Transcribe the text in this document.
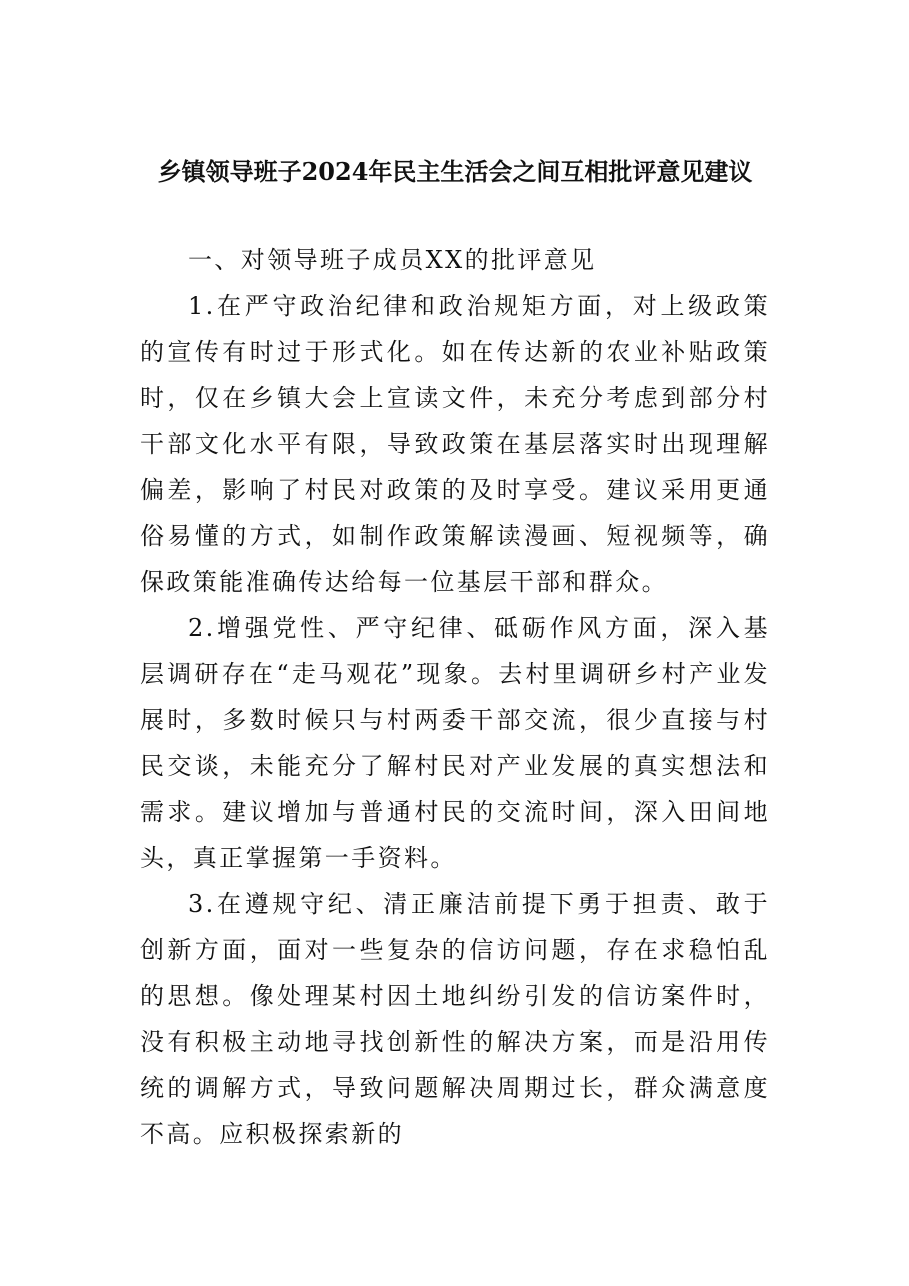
乡镇领导班子2024年民主生活会之间互相批评意见建议

一、对领导班子成员XX的批评意见

1.在严守政治纪律和政治规矩方面，对上级政策的宣传有时过于形式化。如在传达新的农业补贴政策时，仅在乡镇大会上宣读文件，未充分考虑到部分村干部文化水平有限，导致政策在基层落实时出现理解偏差，影响了村民对政策的及时享受。建议采用更通俗易懂的方式，如制作政策解读漫画、短视频等，确保政策能准确传达给每一位基层干部和群众。

2.增强党性、严守纪律、砥砺作风方面，深入基层调研存在“走马观花”现象。去村里调研乡村产业发展时，多数时候只与村两委干部交流，很少直接与村民交谈，未能充分了解村民对产业发展的真实想法和需求。建议增加与普通村民的交流时间，深入田间地头，真正掌握第一手资料。

3.在遵规守纪、清正廉洁前提下勇于担责、敢于创新方面，面对一些复杂的信访问题，存在求稳怕乱的思想。像处理某村因土地纠纷引发的信访案件时，没有积极主动地寻找创新性的解决方案，而是沿用传统的调解方式，导致问题解决周期过长，群众满意度不高。应积极探索新的
